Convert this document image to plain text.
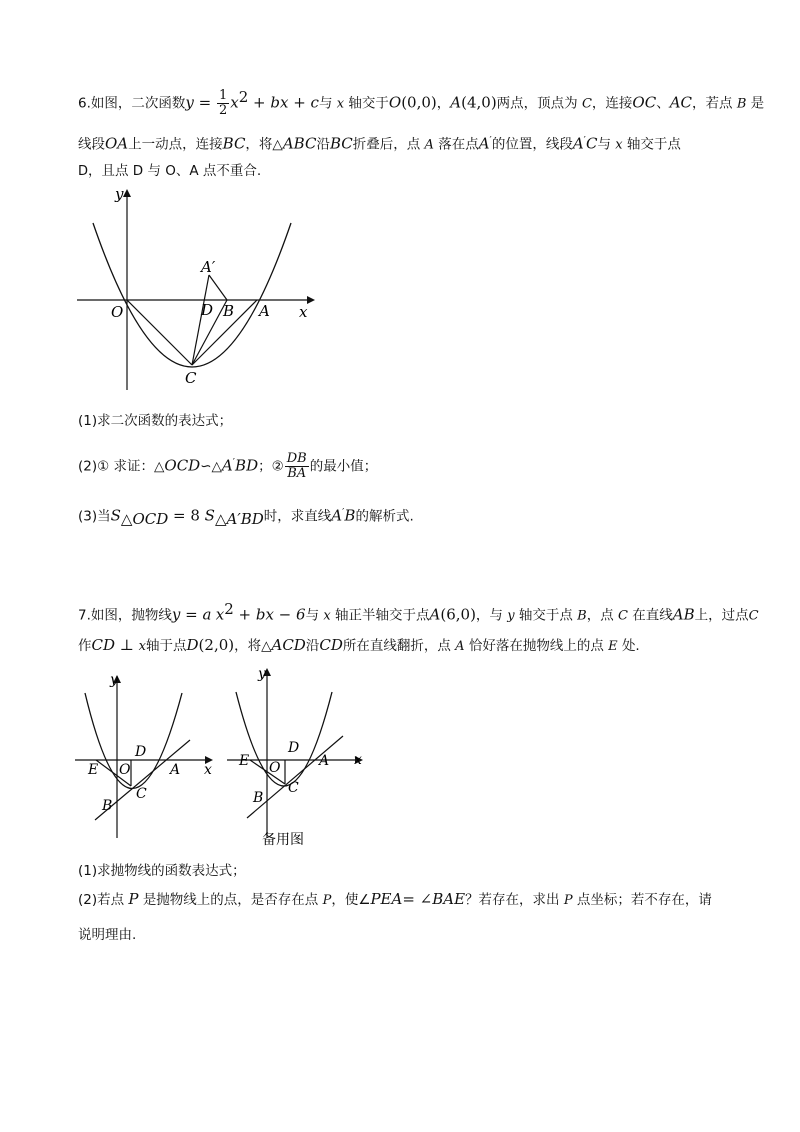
6.如图，二次函数$y = \frac{1}{2} x^2$ + bx + c与 x 轴交于O(0,0)，A(4,0)两点，顶点为 C，连接OC、AC，若点 B 是
线段OA上一动点，连接BC，将△ABC沿BC折叠后，点 A 落在点A′的位置，线段A′C与 x 轴交于点
D，且点 D 与 O、A 点不重合.
y
x
O	A
B
D
C
A′
(1)求二次函数的表达式；
(2)① 求证：△OCD∽△A′BD；② $\frac{DB}{BA}$ 的最小值；
(3)当$S_{\triangle OCD} = 8$ $S_{\triangle A'BD}$时，求直线A′B的解析式.
7.如图，抛物线y = a $x^2$ + bx − 6与 x 轴正半轴交于点A(6,0)，与 y 轴交于点 B，点 C 在直线AB上，过点C
作CD ⊥ x轴于点D(2,0)，将△ACD沿CD所在直线翻折，点 A 恰好落在抛物线上的点 E 处.
y
x
E O
D
A
C
B
y
x
E O
D
A
C
B
备用图
(1)求抛物线的函数表达式；
(2)若点 P 是抛物线上的点，是否存在点 P，使∠PEA= ∠BAE？若存在，求出 P 点坐标；若不存在，请
说明理由.
